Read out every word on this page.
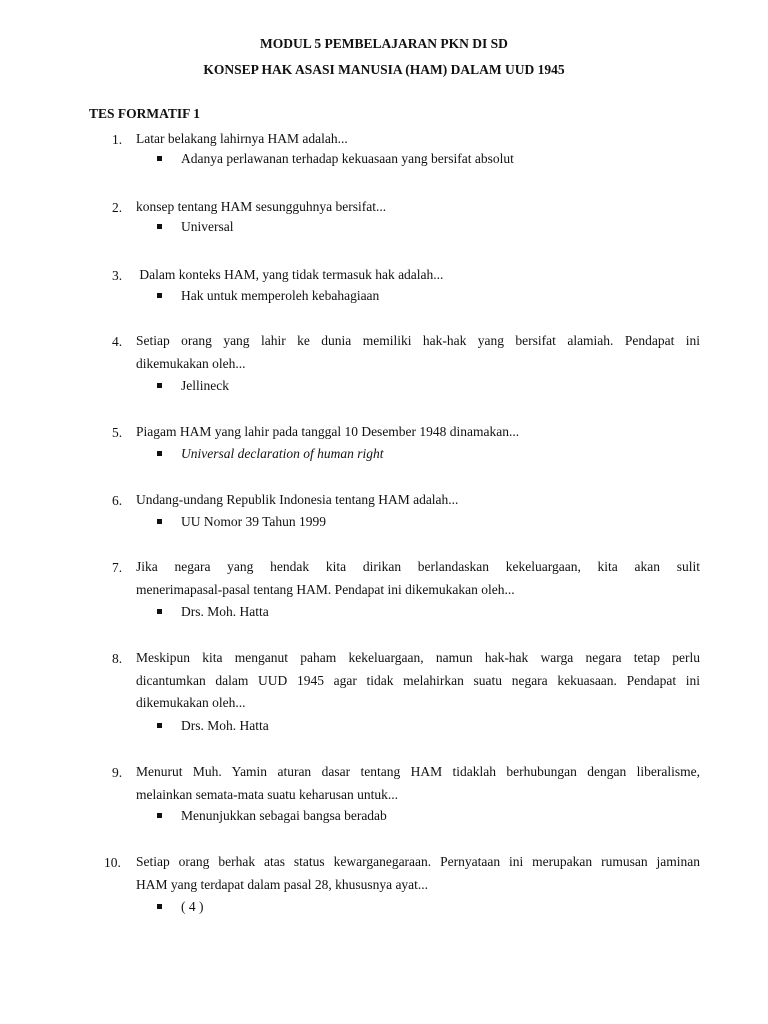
MODUL 5 PEMBELAJARAN PKN DI SD
KONSEP HAK ASASI MANUSIA (HAM) DALAM UUD 1945
TES FORMATIF 1
1. Latar belakang lahirnya HAM adalah...
Adanya perlawanan terhadap kekuasaan yang bersifat absolut
2. konsep tentang HAM sesungguhnya bersifat...
Universal
3. Dalam konteks HAM, yang tidak termasuk hak adalah...
Hak untuk memperoleh kebahagiaan
4. Setiap orang yang lahir ke dunia memiliki hak-hak yang bersifat alamiah. Pendapat ini
dikemukakan oleh...
Jellineck
5. Piagam HAM yang lahir pada tanggal 10 Desember 1948 dinamakan...
Universal declaration of human right
6. Undang-undang Republik Indonesia tentang HAM adalah...
UU Nomor 39 Tahun 1999
7. Jika negara yang hendak kita dirikan berlandaskan kekeluargaan, kita akan sulit
menerimapasal-pasal tentang HAM. Pendapat ini dikemukakan oleh...
Drs. Moh. Hatta
8. Meskipun kita menganut paham kekeluargaan, namun hak-hak warga negara tetap perlu
dicantumkan dalam UUD 1945 agar tidak melahirkan suatu negara kekuasaan. Pendapat ini
dikemukakan oleh...
Drs. Moh. Hatta
9. Menurut Muh. Yamin aturan dasar tentang HAM tidaklah berhubungan dengan liberalisme,
melainkan semata-mata suatu keharusan untuk...
Menunjukkan sebagai bangsa beradab
10. Setiap orang berhak atas status kewarganegaraan. Pernyataan ini merupakan rumusan jaminan
HAM yang terdapat dalam pasal 28, khususnya ayat...
( 4 )
